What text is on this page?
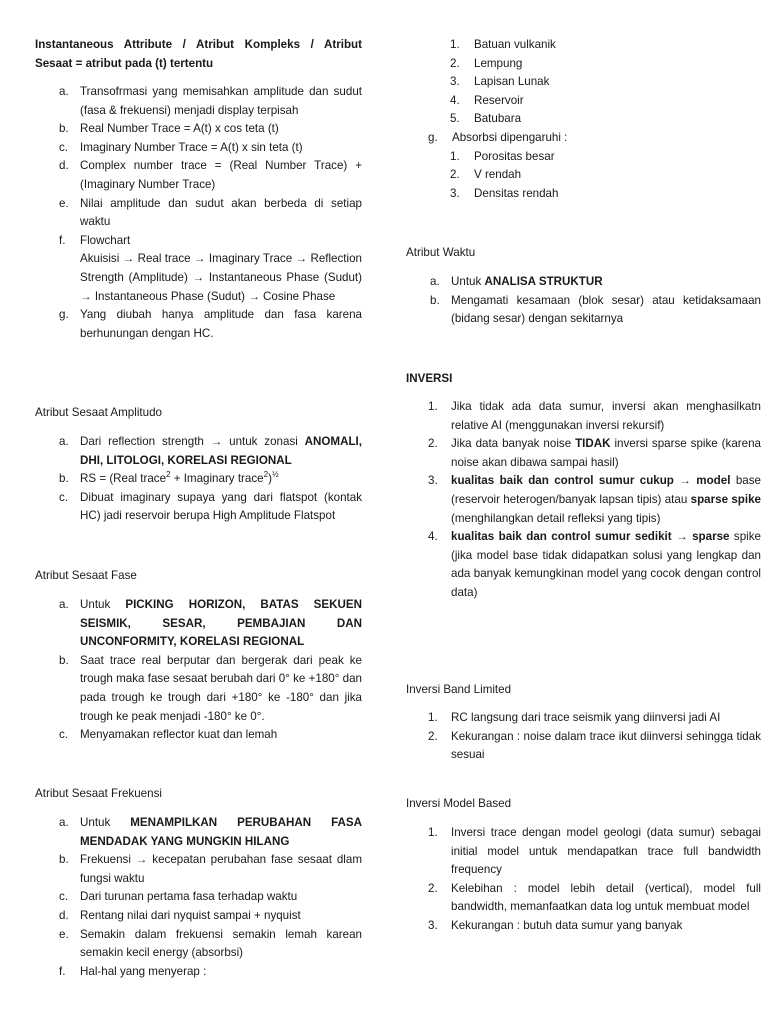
Instantaneous Attribute / Atribut Kompleks / Atribut
Sesaat = atribut pada (t) tertentu
a. Transofrmasi yang memisahkan amplitude dan sudut (fasa & frekuensi) menjadi display terpisah
b. Real Number Trace = A(t) x cos teta (t)
c. Imaginary Number Trace = A(t) x sin teta (t)
d. Complex number trace = (Real Number Trace) + (Imaginary Number Trace)
e. Nilai amplitude dan sudut akan berbeda di setiap waktu
f. Flowchart
Akuisisi → Real trace → Imaginary Trace → Reflection Strength (Amplitude) → Instantaneous Phase (Sudut) → Instantaneous Phase (Sudut) → Cosine Phase
g. Yang diubah hanya amplitude dan fasa karena berhunungan dengan HC.
Atribut Sesaat Amplitudo
a. Dari reflection strength → untuk zonasi ANOMALI, DHI, LITOLOGI, KORELASI REGIONAL
b. RS = (Real trace$^2$ + Imaginary trace$^2$)$^{\frac{1}{2}}$
c. Dibuat imaginary supaya yang dari flatspot (kontak HC) jadi reservoir berupa High Amplitude Flatspot
Atribut Sesaat Fase
a. Untuk PICKING HORIZON, BATAS SEKUEN SEISMIK, SESAR, PEMBAJIAN DAN UNCONFORMITY, KORELASI REGIONAL
b. Saat trace real berputar dan bergerak dari peak ke trough maka fase sesaat berubah dari 0° ke +180° dan pada trough ke trough dari +180° ke -180° dan jika trough ke peak menjadi -180° ke 0°.
c. Menyamakan reflector kuat dan lemah
Atribut Sesaat Frekuensi
a. Untuk MENAMPILKAN PERUBAHAN FASA MENDADAK YANG MUNGKIN HILANG
b. Frekuensi → kecepatan perubahan fase sesaat dlam fungsi waktu
c. Dari turunan pertama fasa terhadap waktu
d. Rentang nilai dari nyquist sampai + nyquist
e. Semakin dalam frekuensi semakin lemah karean semakin kecil energy (absorbsi)
f. Hal-hal yang menyerap :
1. Batuan vulkanik
2. Lempung
3. Lapisan Lunak
4. Reservoir
5. Batubara
g. Absorbsi dipengaruhi :
1. Porositas besar
2. V rendah
3. Densitas rendah
Atribut Waktu
a. Untuk ANALISA STRUKTUR
b. Mengamati kesamaan (blok sesar) atau ketidaksamaan (bidang sesar) dengan sekitarnya
INVERSI
1. Jika tidak ada data sumur, inversi akan menghasilkatn relative AI (menggunakan inversi rekursif)
2. Jika data banyak noise TIDAK inversi sparse spike (karena noise akan dibawa sampai hasil)
3. kualitas baik dan control sumur cukup → model base (reservoir heterogen/banyak lapsan tipis) atau sparse spike (menghilangkan detail refleksi yang tipis)
4. kualitas baik dan control sumur sedikit → sparse spike (jika model base tidak didapatkan solusi yang lengkap dan ada banyak kemungkinan model yang cocok dengan control data)
Inversi Band Limited
1. RC langsung dari trace seismik yang diinversi jadi AI
2. Kekurangan : noise dalam trace ikut diinversi sehingga tidak sesuai
Inversi Model Based
1. Inversi trace dengan model geologi (data sumur) sebagai initial model untuk mendapatkan trace full bandwidth frequency
2. Kelebihan : model lebih detail (vertical), model full bandwidth, memanfaatkan data log untuk membuat model
3. Kekurangan : butuh data sumur yang banyak
